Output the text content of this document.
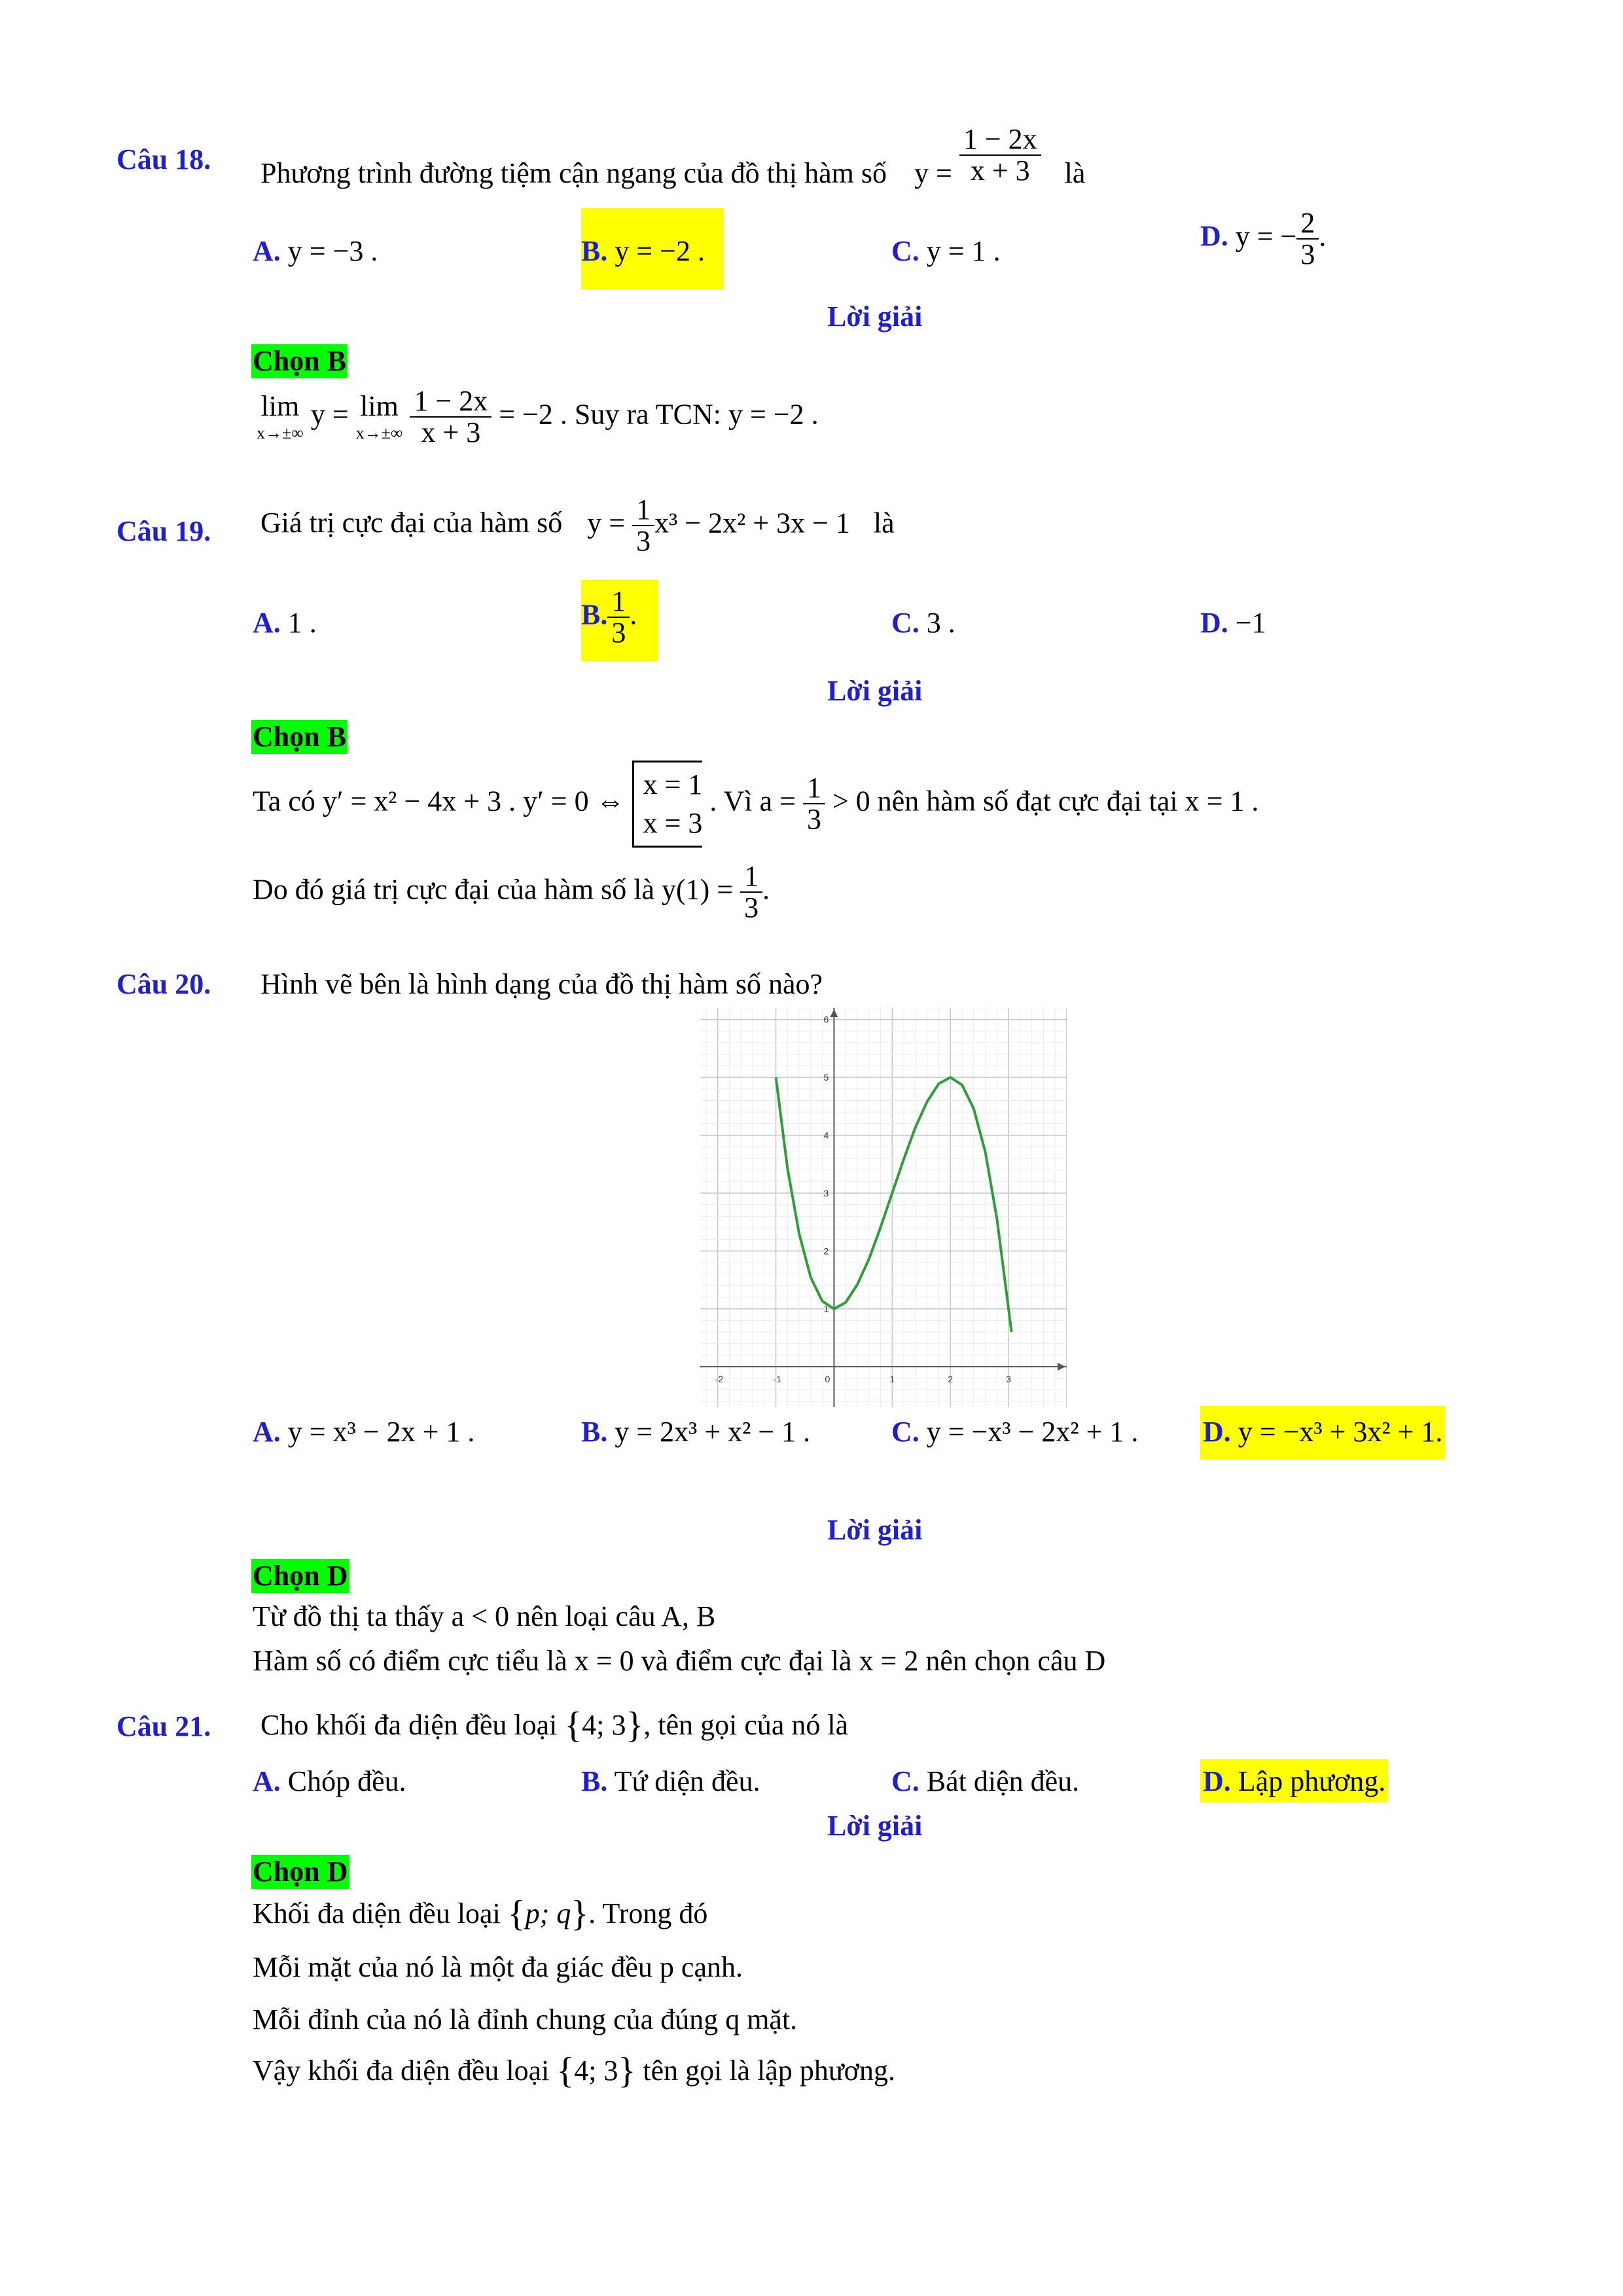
Câu 18. Phương trình đường tiệm cận ngang của đồ thị hàm số $y = \frac{1 - 2x}{x + 3}$ là
A. y = −3 .	B. y = −2 .	C. y = 1 .	D. y = − $\frac{2}{3}$ .
Lời giải
Chọn B
lim
x→±∞
y = lim
x→±∞
$\frac{1 - 2x}{x + 3} = -2$ . Suy ra TCN: y = −2 .
Câu 19. Giá trị cực đại của hàm số $y = \frac{1}{3} x^3 - 2x^2 + 3x - 1$ là
A. 1 .	B. $\frac{1}{3}$ .	C. 3 .	D. −1
Lời giải
Chọn B
Ta có y′ = x² − 4x + 3 . y′ = 0 ⇔
x = 1
x = 3
. Vì $a = \frac{1}{3} > 0$ nên hàm số đạt cực đại tại x = 1 .
Do đó giá trị cực đại của hàm số là $y(1) = \frac{1}{3}$ .
Câu 20. Hình vẽ bên là hình dạng của đồ thị hàm số nào?
-2	-1	0	1	2	3
1
2
3
4
5
6
A. y = x³ − 2x + 1 .	B. y = 2x³ + x² − 1 .	C. y = −x³ − 2x² + 1 . D. y = −x³ + 3x² + 1.
Lời giải
Chọn D
Từ đồ thị ta thấy a < 0 nên loại câu A, B
Hàm số có điểm cực tiểu là x = 0 và điểm cực đại là x = 2 nên chọn câu D
Câu 21. Cho khối đa diện đều loại {4; 3}, tên gọi của nó là
A. Chóp đều.	B. Tứ diện đều.	C. Bát diện đều.	D. Lập phương.
Lời giải
Chọn D
Khối đa diện đều loại {p; q}. Trong đó
Mỗi mặt của nó là một đa giác đều p cạnh.
Mỗi đỉnh của nó là đỉnh chung của đúng q mặt.
Vậy khối đa diện đều loại {4; 3} tên gọi là lập phương.
